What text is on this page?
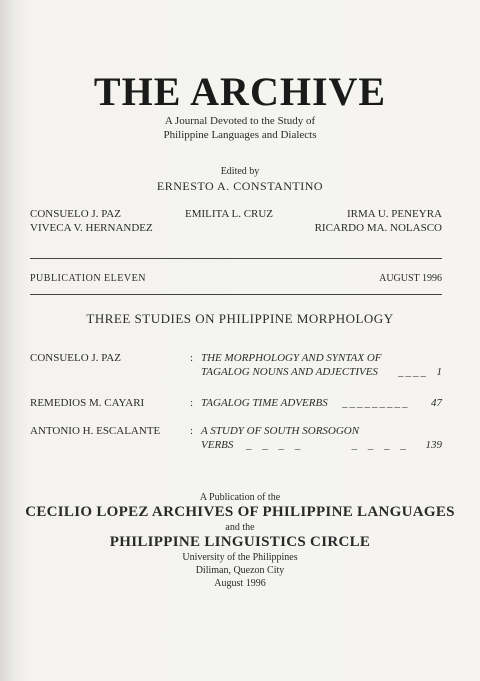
THE ARCHIVE
A Journal Devoted to the Study of
Philippine Languages and Dialects
Edited by
ERNESTO A. CONSTANTINO
CONSUELO J. PAZ	EMILITA L. CRUZ	IRMA U. PENEYRA
VIVECA V. HERNANDEZ	RICARDO MA. NOLASCO
PUBLICATION ELEVEN	AUGUST 1996
THREE STUDIES ON PHILIPPINE MORPHOLOGY
CONSUELO J. PAZ	: THE MORPHOLOGY AND SYNTAX OF
TAGALOG NOUNS AND ADJECTIVES ____ 1
REMEDIOS M. CAYARI	: TAGALOG TIME ADVERBS _________	47
ANTONIO H. ESCALANTE	: A STUDY OF SOUTH SORSOGON
VERBS _ _ _ _       _ _ _ _	139
A Publication of the
CECILIO LOPEZ ARCHIVES OF PHILIPPINE LANGUAGES
and the
PHILIPPINE LINGUISTICS CIRCLE
University of the Philippines
Diliman, Quezon City
August 1996
